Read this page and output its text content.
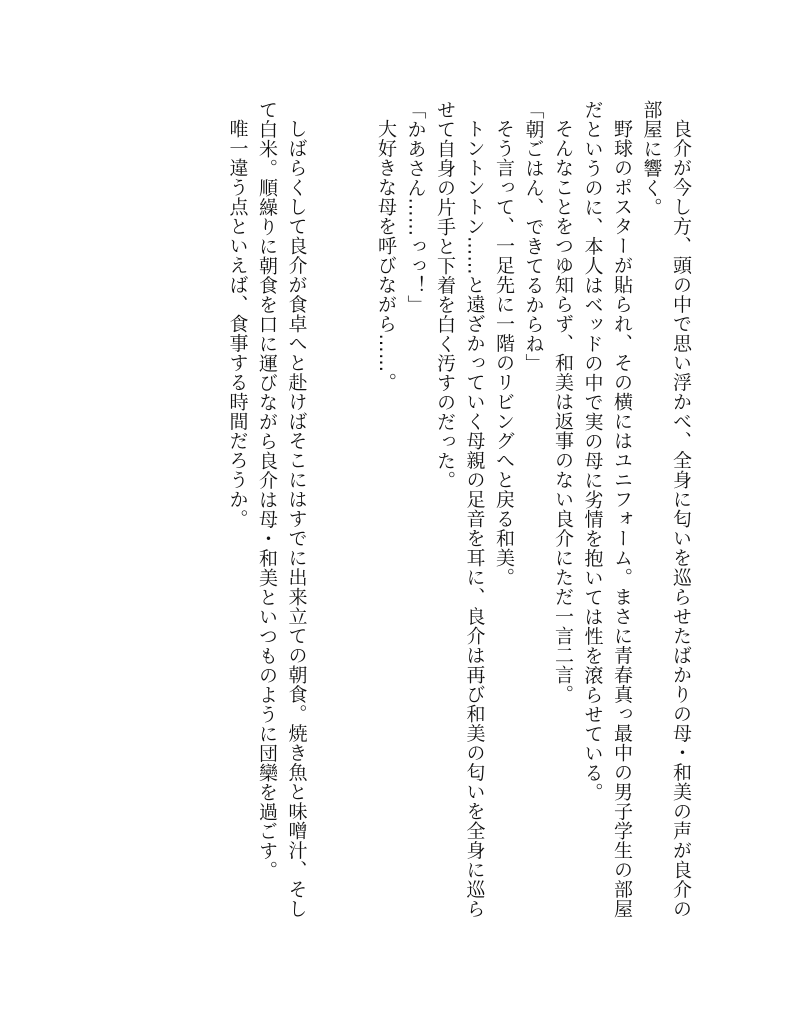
良介が今し方、頭の中で思い浮かべ、全身に匂いを巡らせたばかりの母・和美の声が良介の部屋に響く。

野球のポスターが貼られ、その横にはユニフォーム。まさに青春真っ最中の男子学生の部屋だというのに、本人はベッドの中で実の母に劣情を抱いては性を滾らせている。

そんなことをつゆ知らず、和美は返事のない良介にただ一言二言。

「朝ごはん、できてるからね」

そう言って、一足先に一階のリビングへと戻る和美。

トントントン……と遠ざかっていく母親の足音を耳に、良介は再び和美の匂いを全身に巡らせて自身の片手と下着を白く汚すのだった。

「かあさん……っっ！」

大好きな母を呼びながら……。

しばらくして良介が食卓へと赴けばそこにはすでに出来立ての朝食。焼き魚と味噌汁、そして白米。順繰りに朝食を口に運びながら良介は母・和美といつものように団欒を過ごす。

唯一違う点といえば、食事する時間だろうか。
